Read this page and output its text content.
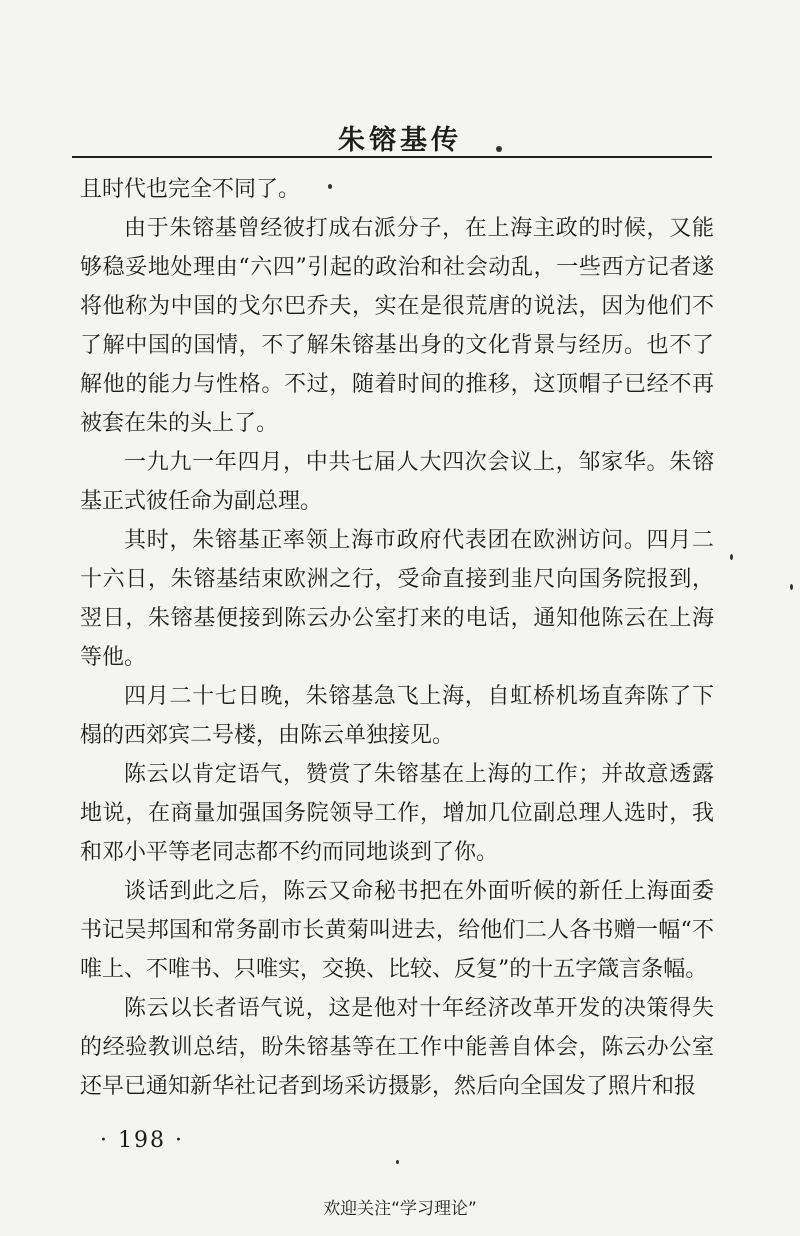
朱镕基传

且时代也完全不同了。

由于朱镕基曾经彼打成右派分子，在上海主政的时候，又能够稳妥地处理由“六四”引起的政治和社会动乱，一些西方记者遂将他称为中国的戈尔巴乔夫，实在是很荒唐的说法，因为他们不了解中国的国情，不了解朱镕基出身的文化背景与经历。也不了解他的能力与性格。不过，随着时间的推移，这顶帽子已经不再被套在朱的头上了。

一九九一年四月，中共七届人大四次会议上，邹家华。朱镕基正式彼任命为副总理。

其时，朱镕基正率领上海市政府代表团在欧洲访问。四月二十六日，朱镕基结束欧洲之行，受命直接到韭尺向国务院报到，翌日，朱镕基便接到陈云办公室打来的电话，通知他陈云在上海等他。

四月二十七日晚，朱镕基急飞上海，自虹桥机场直奔陈了下榻的西郊宾二号楼，由陈云单独接见。

陈云以肯定语气，赞赏了朱镕基在上海的工作；并故意透露地说，在商量加强国务院领导工作，增加几位副总理人选时，我和邓小平等老同志都不约而同地谈到了你。

谈话到此之后，陈云又命秘书把在外面听候的新任上海面委书记吴邦国和常务副市长黄菊叫进去，给他们二人各书赠一幅“不唯上、不唯书、只唯实，交换、比较、反复”的十五字箴言条幅。

陈云以长者语气说，这是他对十年经济改革开发的决策得失的经验教训总结，盼朱镕基等在工作中能善自体会，陈云办公室还早已通知新华社记者到场采访摄影，然后向全国发了照片和报

· 198 ·
欢迎关注“学习理论”
